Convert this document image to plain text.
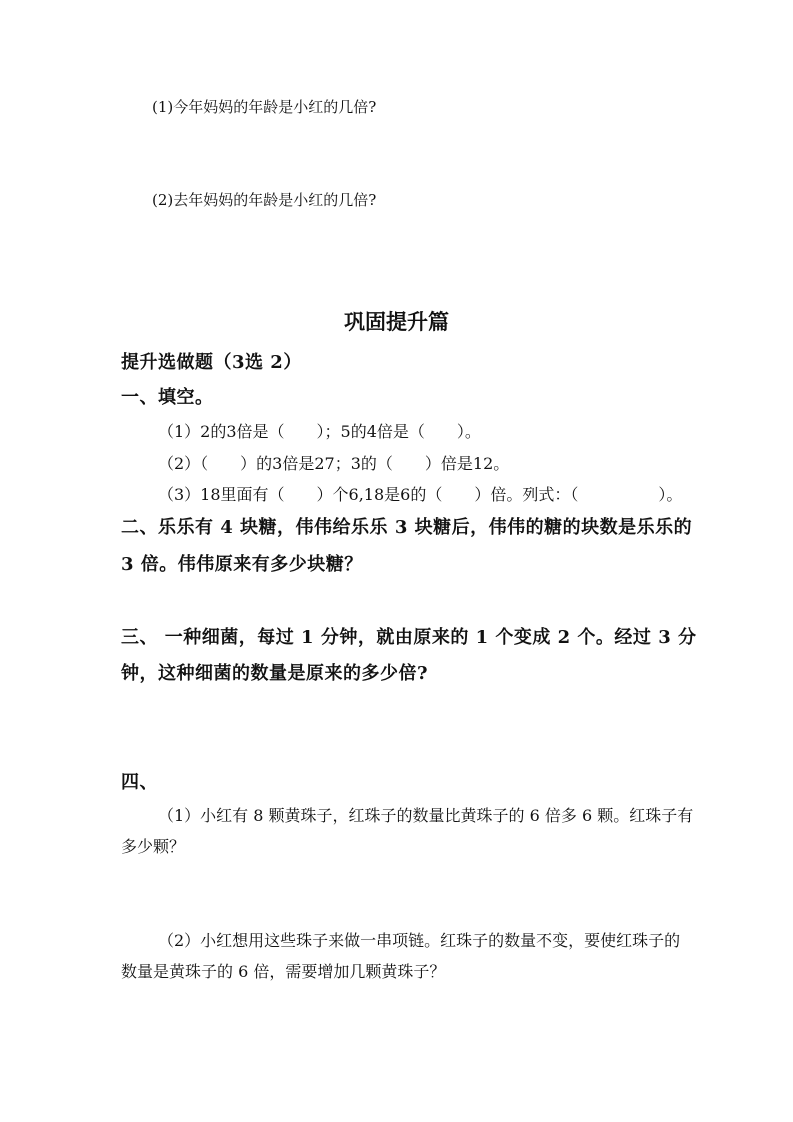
(1)今年妈妈的年龄是小红的几倍?
(2)去年妈妈的年龄是小红的几倍?
巩固提升篇
提升选做题（3选 2）
一、填空。
（1）2的3倍是（　　）；5的4倍是（　　）。
（2）（　　）的3倍是27；3的（　　）倍是12。
（3）18里面有（　　）个6,18是6的（　　）倍。列式：（　　　　　）。
二、乐乐有 4 块糖，伟伟给乐乐 3 块糖后，伟伟的糖的块数是乐乐的
3 倍。伟伟原来有多少块糖？
三、 一种细菌，每过 1 分钟，就由原来的 1 个变成 2 个。经过 3 分
钟，这种细菌的数量是原来的多少倍?
四、
（1）小红有 8 颗黄珠子，红珠子的数量比黄珠子的 6 倍多 6 颗。红珠子有
多少颗？
（2）小红想用这些珠子来做一串项链。红珠子的数量不变，要使红珠子的
数量是黄珠子的 6 倍，需要增加几颗黄珠子？
